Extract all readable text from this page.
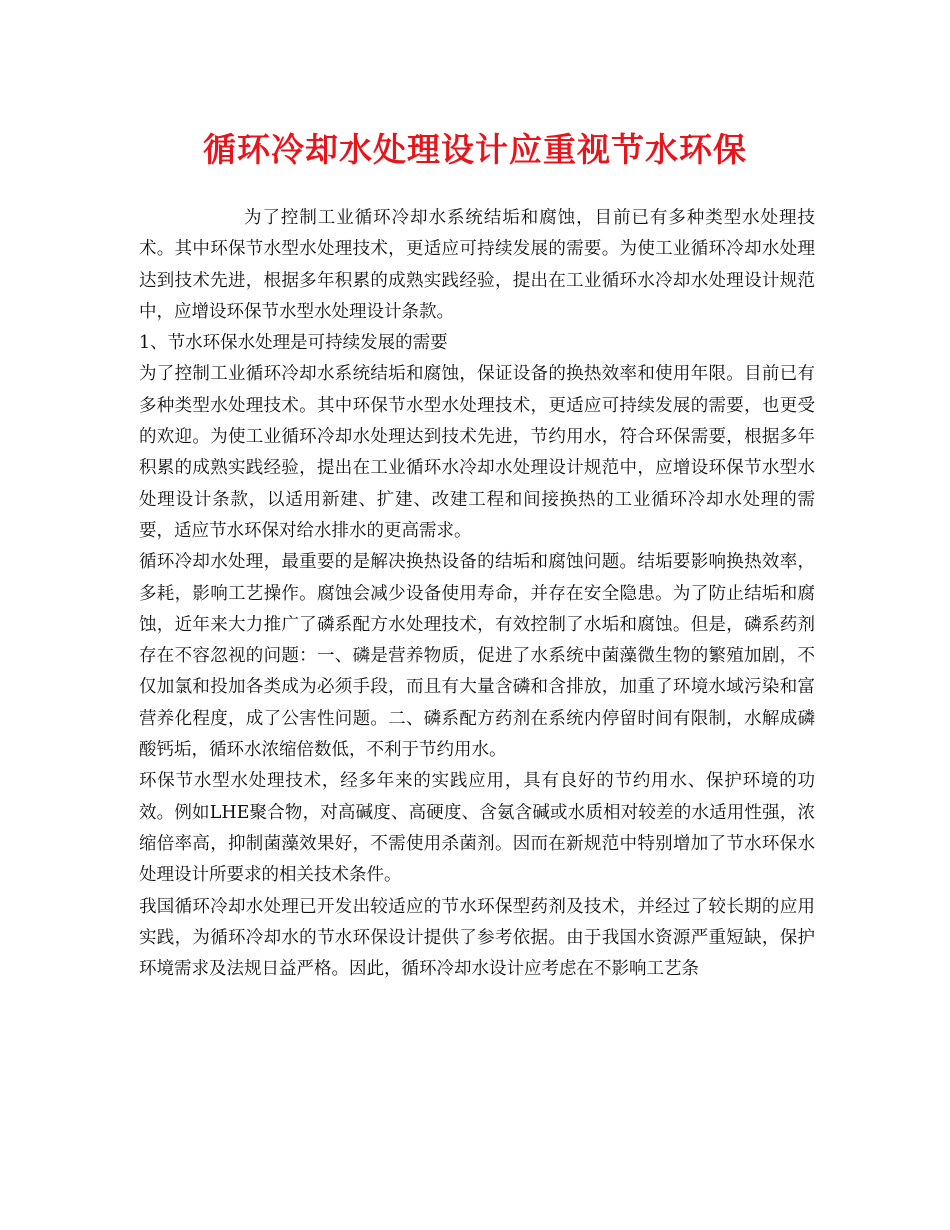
循环冷却水处理设计应重视节水环保

为了控制工业循环冷却水系统结垢和腐蚀，目前已有多种类型水处理技术。其中环保节水型水处理技术，更适应可持续发展的需要。为使工业循环冷却水处理达到技术先进，根据多年积累的成熟实践经验，提出在工业循环水冷却水处理设计规范中，应增设环保节水型水处理设计条款。

1、节水环保水处理是可持续发展的需要

为了控制工业循环冷却水系统结垢和腐蚀，保证设备的换热效率和使用年限。目前已有多种类型水处理技术。其中环保节水型水处理技术，更适应可持续发展的需要，也更受的欢迎。为使工业循环冷却水处理达到技术先进，节约用水，符合环保需要，根据多年积累的成熟实践经验，提出在工业循环水冷却水处理设计规范中，应增设环保节水型水处理设计条款，以适用新建、扩建、改建工程和间接换热的工业循环冷却水处理的需要，适应节水环保对给水排水的更高需求。

循环冷却水处理，最重要的是解决换热设备的结垢和腐蚀问题。结垢要影响换热效率，多耗，影响工艺操作。腐蚀会减少设备使用寿命，并存在安全隐患。为了防止结垢和腐蚀，近年来大力推广了磷系配方水处理技术，有效控制了水垢和腐蚀。但是，磷系药剂存在不容忽视的问题：一、磷是营养物质，促进了水系统中菌藻微生物的繁殖加剧，不仅加氯和投加各类成为必须手段，而且有大量含磷和含排放，加重了环境水域污染和富营养化程度，成了公害性问题。二、磷系配方药剂在系统内停留时间有限制，水解成磷酸钙垢，循环水浓缩倍数低，不利于节约用水。

环保节水型水处理技术，经多年来的实践应用，具有良好的节约用水、保护环境的功效。例如LHE聚合物，对高碱度、高硬度、含氨含碱或水质相对较差的水适用性强，浓缩倍率高，抑制菌藻效果好，不需使用杀菌剂。因而在新规范中特别增加了节水环保水处理设计所要求的相关技术条件。

我国循环冷却水处理已开发出较适应的节水环保型药剂及技术，并经过了较长期的应用实践，为循环冷却水的节水环保设计提供了参考依据。由于我国水资源严重短缺，保护环境需求及法规日益严格。因此，循环冷却水设计应考虑在不影响工艺条
